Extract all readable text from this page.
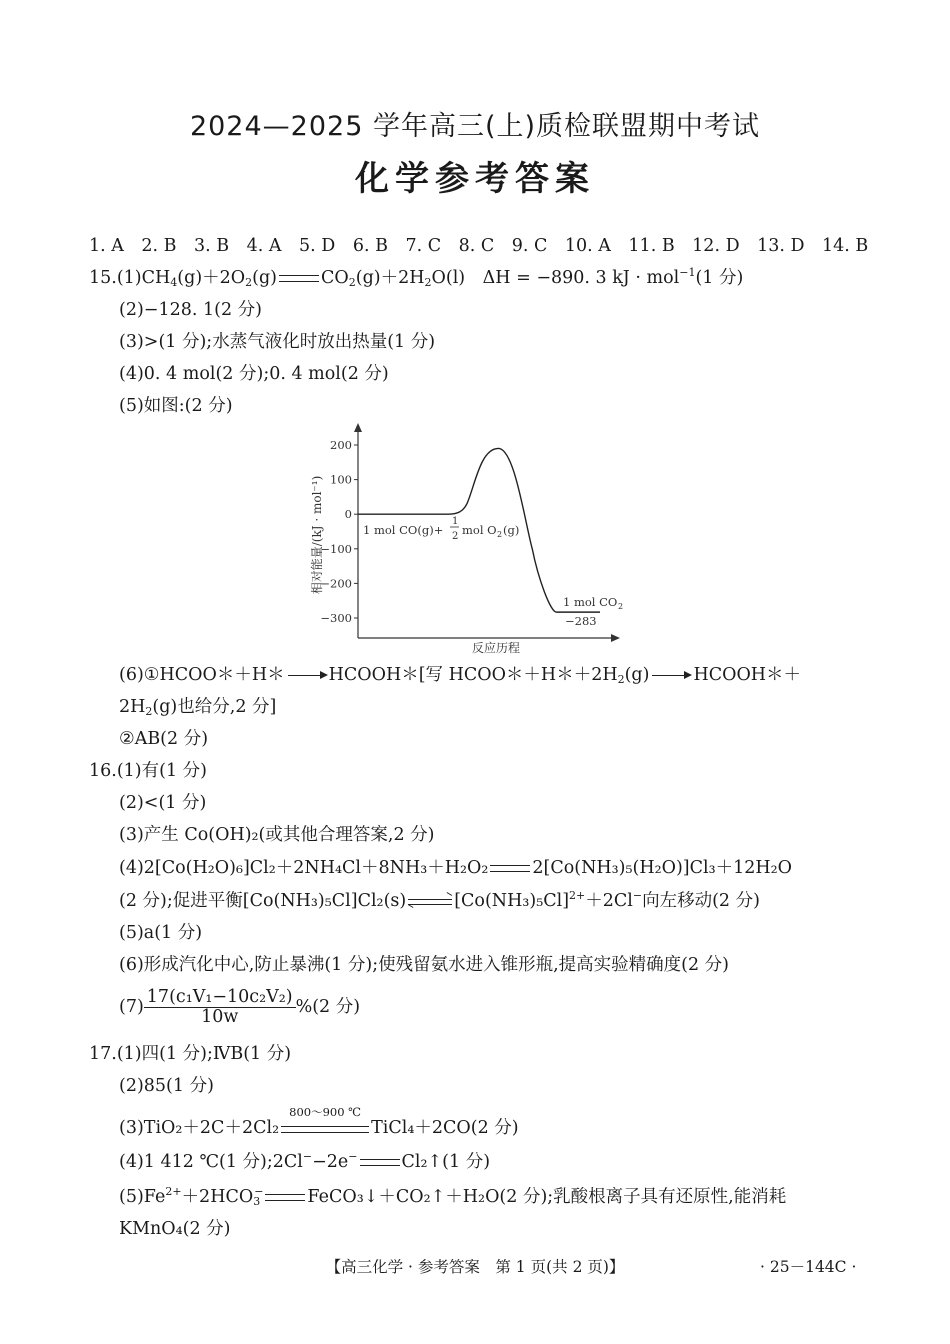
2024—2025 学年高三(上)质检联盟期中考试
化学参考答案
1. A　2. B　3. B　4. A　5. D　6. B　7. C　8. C　9. C　10. A　11. B　12. D　13. D　14. B
$15.(1)CH_4(g)+2O_2(g)$	$CO_2(g)+2H_2O(l)$　ΔH = −890. 3 kJ · mol$^{-1}$(1 分)
(2)−128. 1(2 分)
(3)>(1 分);水蒸气液化时放出热量(1 分)
(4)0. 4 mol(2 分);0. 4 mol(2 分)
(5)如图:(2 分)
200
100
0
−100
−200
−300
相对能量/(kJ · mol⁻¹)
反应历程
1 mol CO(g)+
1
2 mol O 2 (g)
1 mol CO 2
−283
(6)①HCOO＊＋H＊	HCOOH＊[写 $HCOO*+H*+2H_2(g)$	HCOOH＊＋
$2H_2(g)$也给分,2 分]
②AB(2 分)
16.(1)有(1 分)
(2)<(1 分)
(3)产生 Co(OH)₂(或其他合理答案,2 分)
(4)2[Co(H₂O)₆]Cl₂＋2NH₄Cl＋8NH₃＋H₂O₂	2[Co(NH₃)₅(H₂O)]Cl₃＋12H₂O
(2 分);促进平衡[Co(NH₃)₅Cl]Cl₂(s)	$[Co(NH_3)_5Cl]^{2+}+2Cl^-$向左移动(2 分)
(5)a(1 分)
(6)形成汽化中心,防止暴沸(1 分);使残留氨水进入锥形瓶,提高实验精确度(2 分)
$(7) \frac{\text{17(c₁V₁−10c₂V₂)}}{10w} \%(2$ 分)
17.(1)四(1 分);ⅣB(1 分)
(2)85(1 分)
(3)TiO₂＋2C＋2Cl₂
800～900 ℃
TiCl₄＋2CO(2 分)
(4)1 412 ℃(1 分);2Cl−−2e−	Cl₂↑(1 分)
$(5)Fe^{2+}+2HCO_3^-$	FeCO₃↓＋CO₂↑＋H₂O(2 分);乳酸根离子具有还原性,能消耗
KMnO₄(2 分)
【高三化学 · 参考答案　第 1 页(共 2 页)】	· 25－144C ·
